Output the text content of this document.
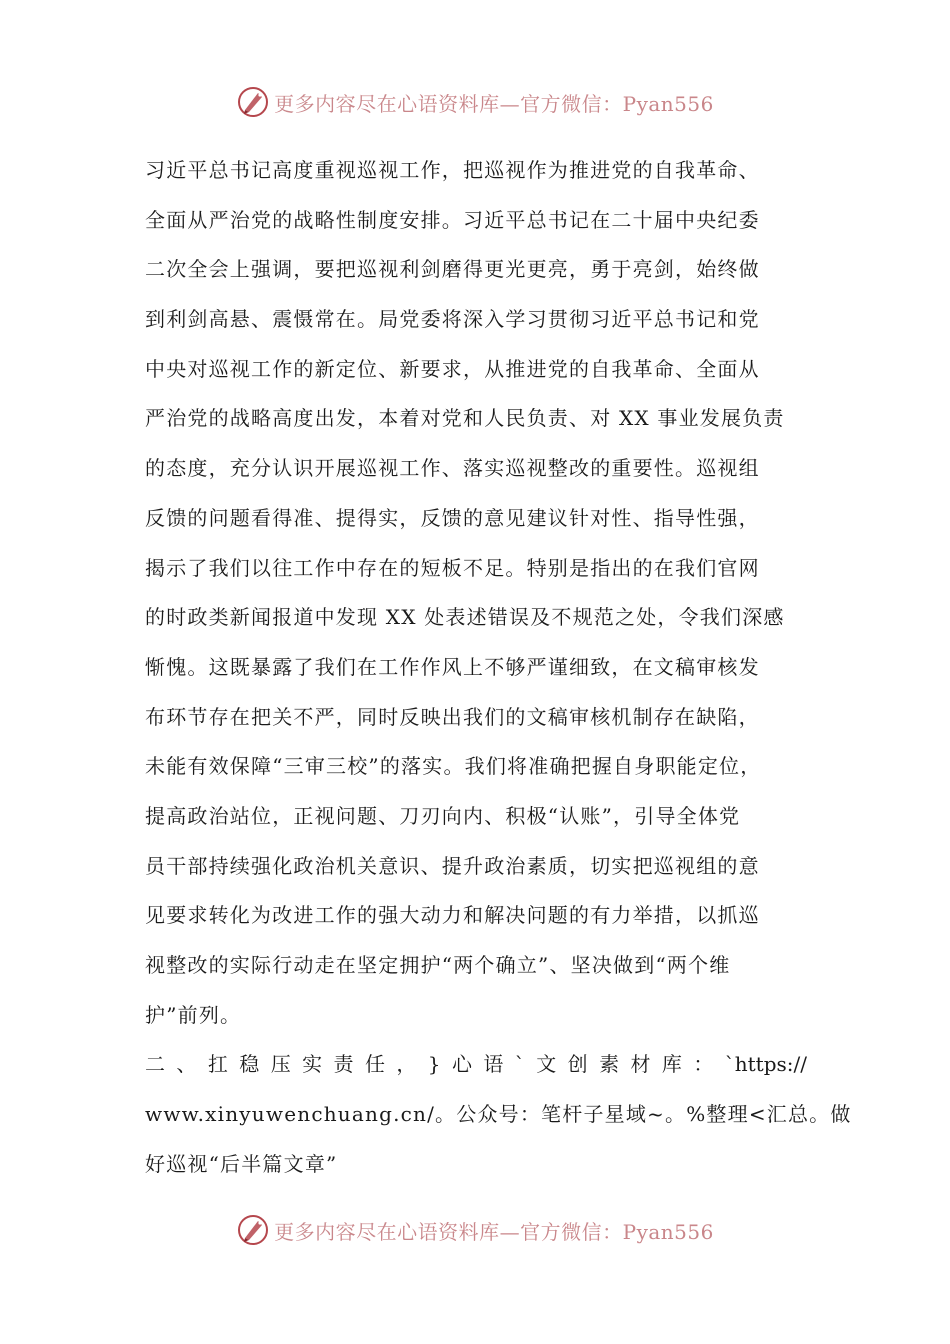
更多内容尽在心语资料库—官方微信：Pyan556
习近平总书记高度重视巡视工作，把巡视作为推进党的自我革命、
全面从严治党的战略性制度安排。习近平总书记在二十届中央纪委
二次全会上强调，要把巡视利剑磨得更光更亮，勇于亮剑，始终做
到利剑高悬、震慑常在。局党委将深入学习贯彻习近平总书记和党
中央对巡视工作的新定位、新要求，从推进党的自我革命、全面从
严治党的战略高度出发，本着对党和人民负责、对 XX 事业发展负责
的态度，充分认识开展巡视工作、落实巡视整改的重要性。巡视组
反馈的问题看得准、提得实，反馈的意见建议针对性、指导性强，
揭示了我们以往工作中存在的短板不足。特别是指出的在我们官网
的时政类新闻报道中发现 XX 处表述错误及不规范之处，令我们深感
惭愧。这既暴露了我们在工作作风上不够严谨细致，在文稿审核发
布环节存在把关不严，同时反映出我们的文稿审核机制存在缺陷，
未能有效保障“三审三校”的落实。我们将准确把握自身职能定位，
提高政治站位，正视问题、刀刃向内、积极“认账”，引导全体党
员干部持续强化政治机关意识、提升政治素质，切实把巡视组的意
见要求转化为改进工作的强大动力和解决问题的有力举措，以抓巡
视整改的实际行动走在坚定拥护“两个确立”、坚决做到“两个维
护”前列。
二 、 扛 稳 压 实 责 任 ， } 心 语 ` 文 创 素 材 库 ： `https://
www.xinyuwenchuang.cn/。公众号：笔杆子星域~。%整理<汇总。做
好巡视“后半篇文章”
更多内容尽在心语资料库—官方微信：Pyan556
